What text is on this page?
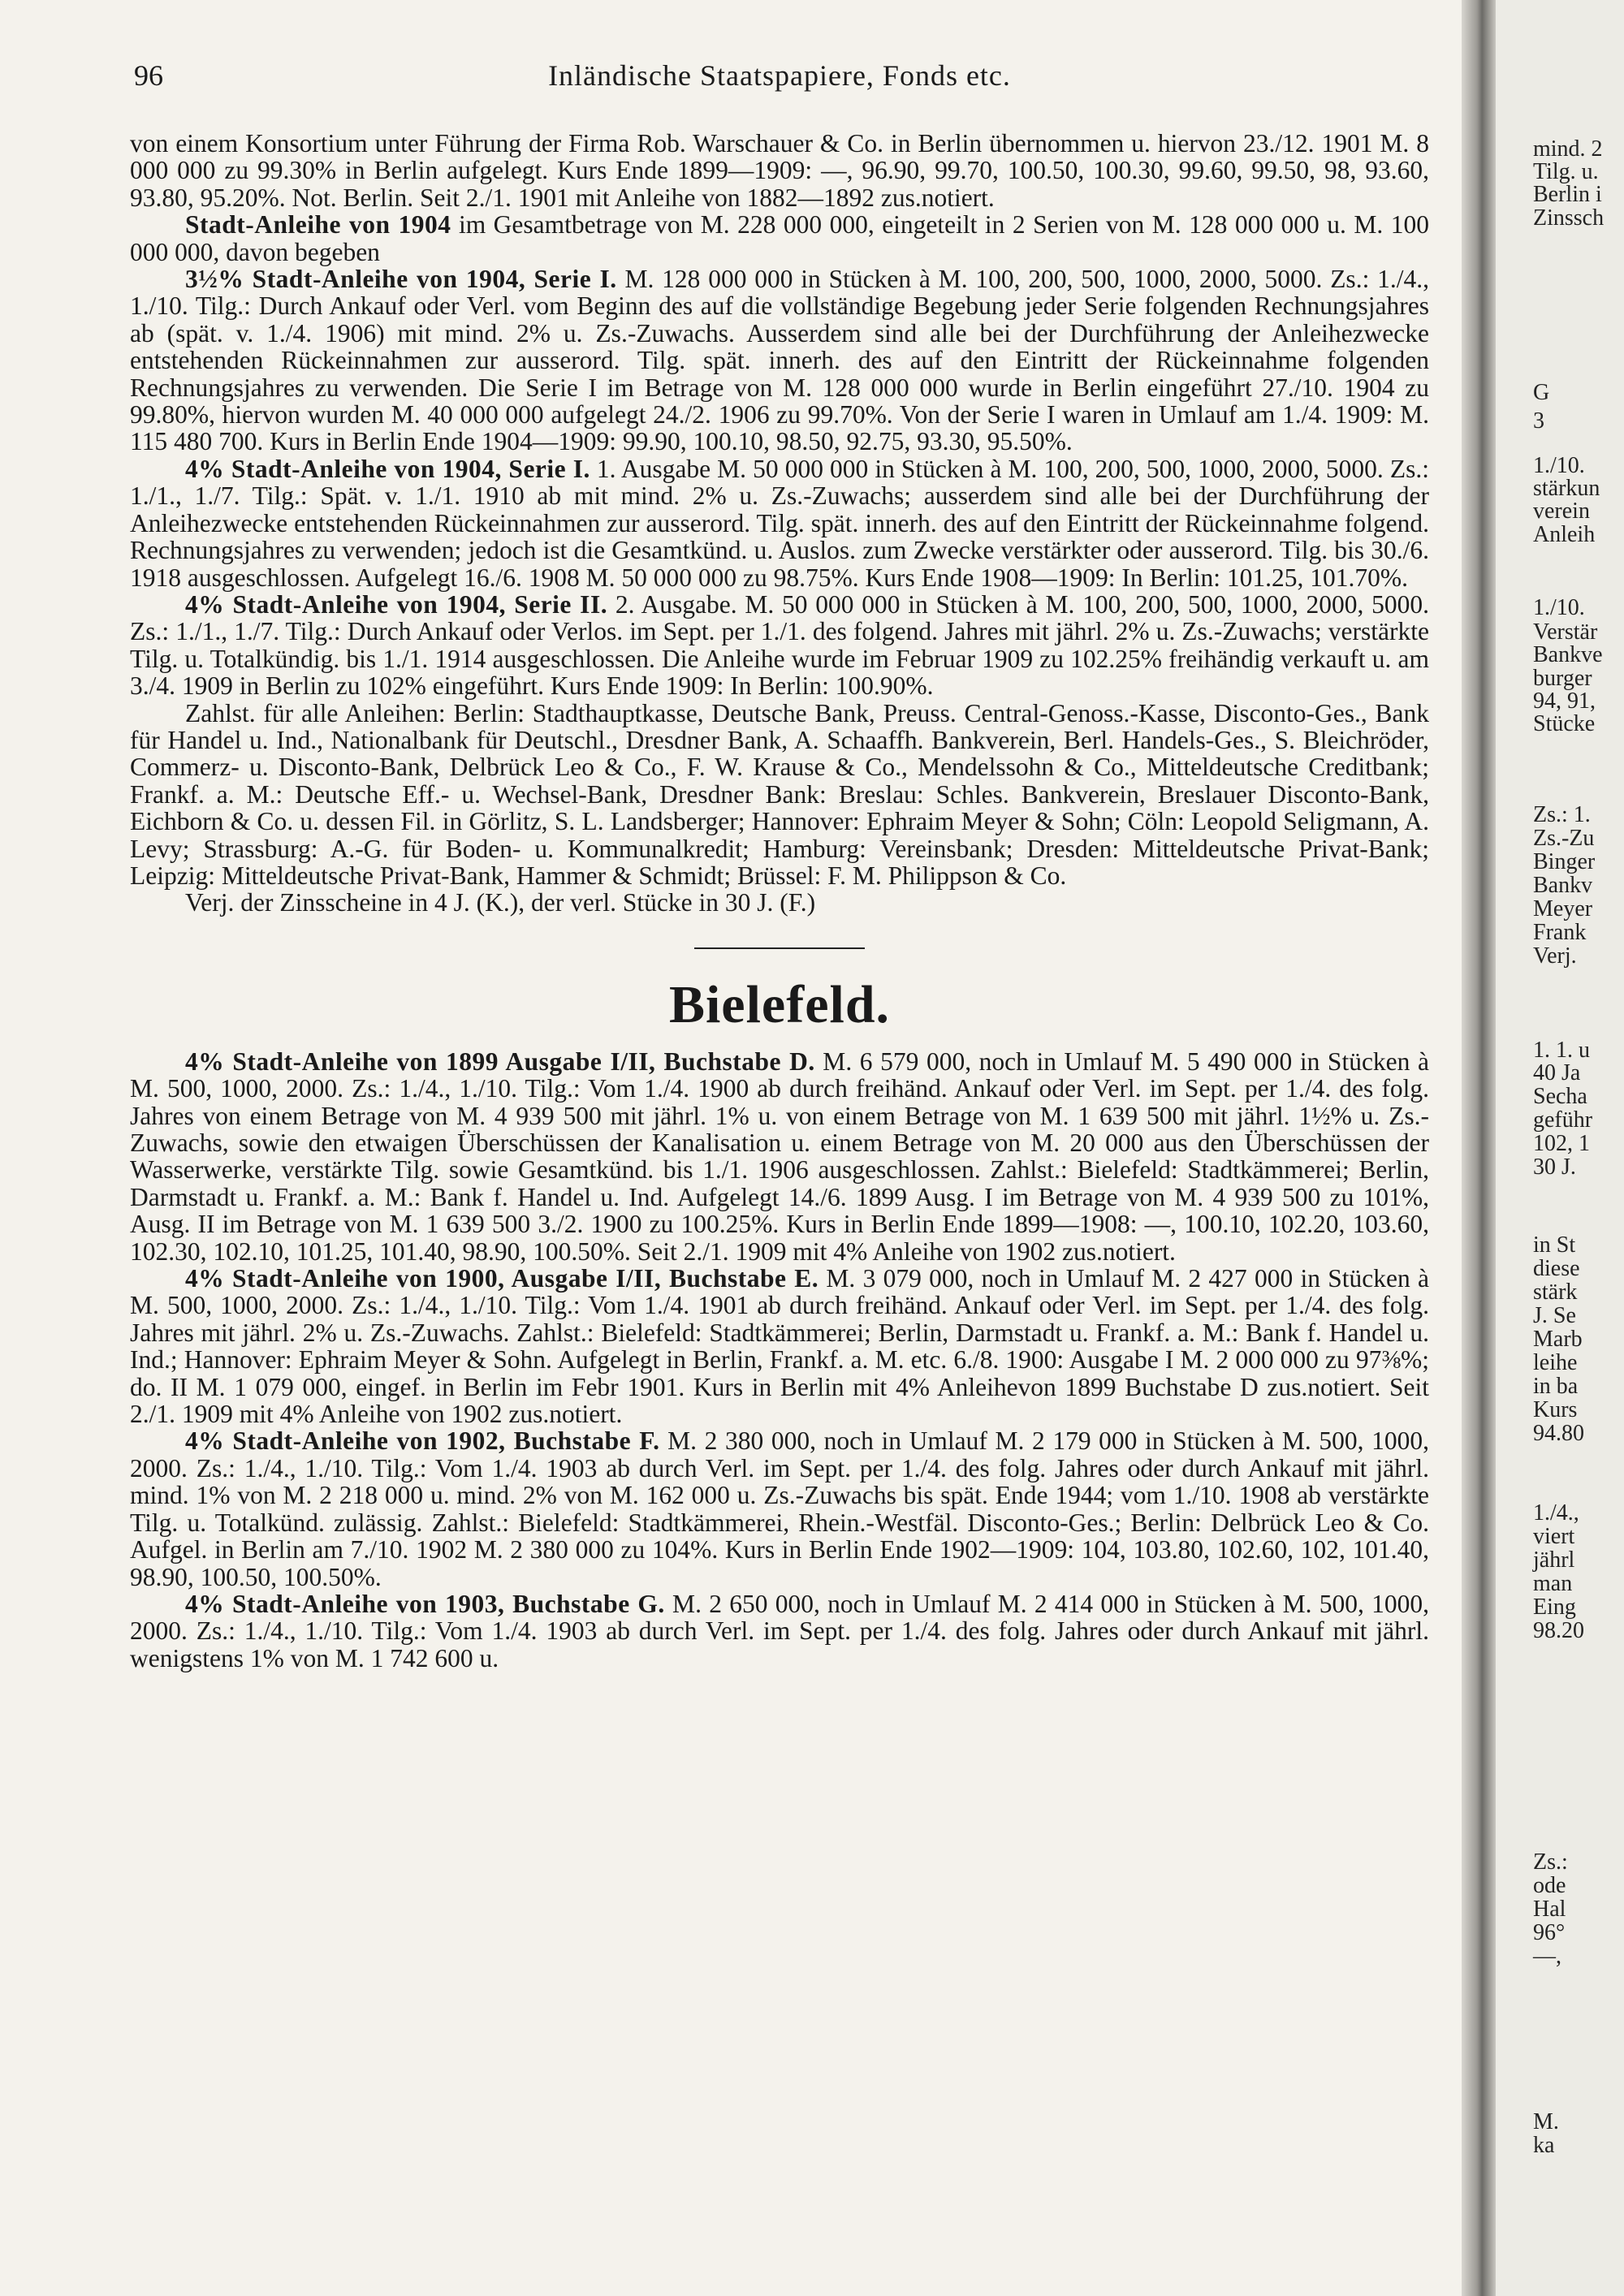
96	Inländische Staatspapiere, Fonds etc.

von einem Konsortium unter Führung der Firma Rob. Warschauer & Co. in Berlin übernommen u. hiervon 23./12. 1901 M. 8 000 000 zu 99.30% in Berlin aufgelegt. Kurs Ende 1899—1909: —, 96.90, 99.70, 100.50, 100.30, 99.60, 99.50, 98, 93.60, 93.80, 95.20%. Not. Berlin. Seit 2./1. 1901 mit Anleihe von 1882—1892 zus.notiert.

Stadt-Anleihe von 1904 im Gesamtbetrage von M. 228 000 000, eingeteilt in 2 Serien von M. 128 000 000 u. M. 100 000 000, davon begeben

3½% Stadt-Anleihe von 1904, Serie I. M. 128 000 000 in Stücken à M. 100, 200, 500, 1000, 2000, 5000. Zs.: 1./4., 1./10. Tilg.: Durch Ankauf oder Verl. vom Beginn des auf die vollständige Begebung jeder Serie folgenden Rechnungsjahres ab (spät. v. 1./4. 1906) mit mind. 2% u. Zs.-Zuwachs. Ausserdem sind alle bei der Durchführung der Anleihezwecke entstehenden Rückeinnahmen zur ausserord. Tilg. spät. innerh. des auf den Eintritt der Rückeinnahme folgenden Rechnungsjahres zu verwenden. Die Serie I im Betrage von M. 128 000 000 wurde in Berlin eingeführt 27./10. 1904 zu 99.80%, hiervon wurden M. 40 000 000 aufgelegt 24./2. 1906 zu 99.70%. Von der Serie I waren in Umlauf am 1./4. 1909: M. 115 480 700. Kurs in Berlin Ende 1904—1909: 99.90, 100.10, 98.50, 92.75, 93.30, 95.50%.

4% Stadt-Anleihe von 1904, Serie I. 1. Ausgabe M. 50 000 000 in Stücken à M. 100, 200, 500, 1000, 2000, 5000. Zs.: 1./1., 1./7. Tilg.: Spät. v. 1./1. 1910 ab mit mind. 2% u. Zs.-Zuwachs; ausserdem sind alle bei der Durchführung der Anleihezwecke entstehenden Rückeinnahmen zur ausserord. Tilg. spät. innerh. des auf den Eintritt der Rückeinnahme folgend. Rechnungsjahres zu verwenden; jedoch ist die Gesamtkünd. u. Auslos. zum Zwecke verstärkter oder ausserord. Tilg. bis 30./6. 1918 ausgeschlossen. Aufgelegt 16./6. 1908 M. 50 000 000 zu 98.75%. Kurs Ende 1908—1909: In Berlin: 101.25, 101.70%.

4% Stadt-Anleihe von 1904, Serie II. 2. Ausgabe. M. 50 000 000 in Stücken à M. 100, 200, 500, 1000, 2000, 5000. Zs.: 1./1., 1./7. Tilg.: Durch Ankauf oder Verlos. im Sept. per 1./1. des folgend. Jahres mit jährl. 2% u. Zs.-Zuwachs; verstärkte Tilg. u. Totalkündig. bis 1./1. 1914 ausgeschlossen. Die Anleihe wurde im Februar 1909 zu 102.25% freihändig verkauft u. am 3./4. 1909 in Berlin zu 102% eingeführt. Kurs Ende 1909: In Berlin: 100.90%.

Zahlst. für alle Anleihen: Berlin: Stadthauptkasse, Deutsche Bank, Preuss. Central-Genoss.-Kasse, Disconto-Ges., Bank für Handel u. Ind., Nationalbank für Deutschl., Dresdner Bank, A. Schaaffh. Bankverein, Berl. Handels-Ges., S. Bleichröder, Commerz- u. Disconto-Bank, Delbrück Leo & Co., F. W. Krause & Co., Mendelssohn & Co., Mitteldeutsche Creditbank; Frankf. a. M.: Deutsche Eff.- u. Wechsel-Bank, Dresdner Bank: Breslau: Schles. Bankverein, Breslauer Disconto-Bank, Eichborn & Co. u. dessen Fil. in Görlitz, S. L. Landsberger; Hannover: Ephraim Meyer & Sohn; Cöln: Leopold Seligmann, A. Levy; Strassburg: A.-G. für Boden- u. Kommunalkredit; Hamburg: Vereinsbank; Dresden: Mitteldeutsche Privat-Bank; Leipzig: Mitteldeutsche Privat-Bank, Hammer & Schmidt; Brüssel: F. M. Philippson & Co.

Verj. der Zinsscheine in 4 J. (K.), der verl. Stücke in 30 J. (F.)

Bielefeld.

4% Stadt-Anleihe von 1899 Ausgabe I/II, Buchstabe D. M. 6 579 000, noch in Umlauf M. 5 490 000 in Stücken à M. 500, 1000, 2000. Zs.: 1./4., 1./10. Tilg.: Vom 1./4. 1900 ab durch freihänd. Ankauf oder Verl. im Sept. per 1./4. des folg. Jahres von einem Betrage von M. 4 939 500 mit jährl. 1% u. von einem Betrage von M. 1 639 500 mit jährl. 1½% u. Zs.-Zuwachs, sowie den etwaigen Überschüssen der Kanalisation u. einem Betrage von M. 20 000 aus den Überschüssen der Wasserwerke, verstärkte Tilg. sowie Gesamtkünd. bis 1./1. 1906 ausgeschlossen. Zahlst.: Bielefeld: Stadtkämmerei; Berlin, Darmstadt u. Frankf. a. M.: Bank f. Handel u. Ind. Aufgelegt 14./6. 1899 Ausg. I im Betrage von M. 4 939 500 zu 101%, Ausg. II im Betrage von M. 1 639 500 3./2. 1900 zu 100.25%. Kurs in Berlin Ende 1899—1908: —, 100.10, 102.20, 103.60, 102.30, 102.10, 101.25, 101.40, 98.90, 100.50%. Seit 2./1. 1909 mit 4% Anleihe von 1902 zus.notiert.

4% Stadt-Anleihe von 1900, Ausgabe I/II, Buchstabe E. M. 3 079 000, noch in Umlauf M. 2 427 000 in Stücken à M. 500, 1000, 2000. Zs.: 1./4., 1./10. Tilg.: Vom 1./4. 1901 ab durch freihänd. Ankauf oder Verl. im Sept. per 1./4. des folg. Jahres mit jährl. 2% u. Zs.-Zuwachs. Zahlst.: Bielefeld: Stadtkämmerei; Berlin, Darmstadt u. Frankf. a. M.: Bank f. Handel u. Ind.; Hannover: Ephraim Meyer & Sohn. Aufgelegt in Berlin, Frankf. a. M. etc. 6./8. 1900: Ausgabe I M. 2 000 000 zu 97⅜%; do. II M. 1 079 000, eingef. in Berlin im Febr 1901. Kurs in Berlin mit 4% Anleihevon 1899 Buchstabe D zus.notiert. Seit 2./1. 1909 mit 4% Anleihe von 1902 zus.notiert.

4% Stadt-Anleihe von 1902, Buchstabe F. M. 2 380 000, noch in Umlauf M. 2 179 000 in Stücken à M. 500, 1000, 2000. Zs.: 1./4., 1./10. Tilg.: Vom 1./4. 1903 ab durch Verl. im Sept. per 1./4. des folg. Jahres oder durch Ankauf mit jährl. mind. 1% von M. 2 218 000 u. mind. 2% von M. 162 000 u. Zs.-Zuwachs bis spät. Ende 1944; vom 1./10. 1908 ab verstärkte Tilg. u. Totalkünd. zulässig. Zahlst.: Bielefeld: Stadtkämmerei, Rhein.-Westfäl. Disconto-Ges.; Berlin: Delbrück Leo & Co. Aufgel. in Berlin am 7./10. 1902 M. 2 380 000 zu 104%. Kurs in Berlin Ende 1902—1909: 104, 103.80, 102.60, 102, 101.40, 98.90, 100.50, 100.50%.

4% Stadt-Anleihe von 1903, Buchstabe G. M. 2 650 000, noch in Umlauf M. 2 414 000 in Stücken à M. 500, 1000, 2000. Zs.: 1./4., 1./10. Tilg.: Vom 1./4. 1903 ab durch Verl. im Sept. per 1./4. des folg. Jahres oder durch Ankauf mit jährl. wenigstens 1% von M. 1 742 600 u.

mind. 2
Tilg. u.
Berlin i
Zinssch
G
3
1./10.
stärkun
verein
Anleih
1./10.
Verstär
Bankve
burger
94, 91,
Stücke
Zs.: 1.
Zs.-Zu
Binger
Bankv
Meyer
Frank
Verj.
1. 1. u
40 Ja
Secha
geführ
102, 1
30 J.
in St
diese
stärk
J. Se
Marb
leihe
in ba
Kurs
94.80
1./4.,
viert
jährl
man
Eing
98.20
Zs.:
ode
Hal
96°
—,
M.
ka
